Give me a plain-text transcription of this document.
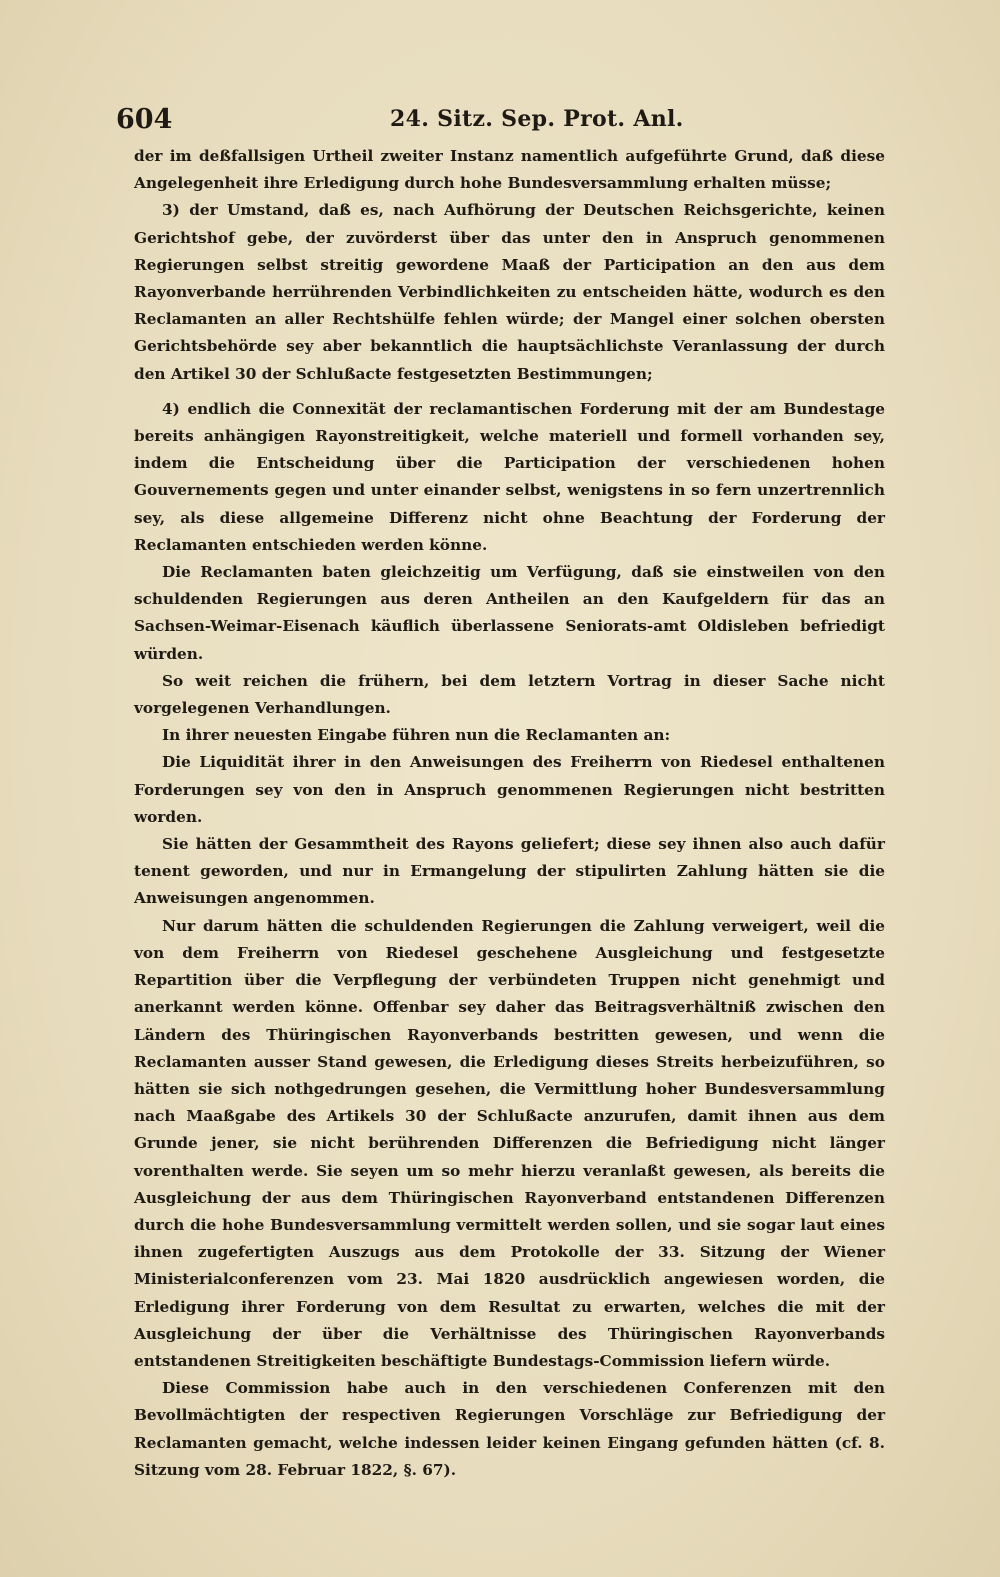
604	24. Sitz. Sep. Prot. Anl.

der im deßfallsigen Urtheil zweiter Instanz namentlich aufgeführte Grund, daß diese Angelegenheit ihre Erledigung durch hohe Bundesversammlung erhalten müsse;

3) der Umstand, daß es, nach Aufhörung der Deutschen Reichsgerichte, keinen Gerichtshof gebe, der zuvörderst über das unter den in Anspruch genommenen Regierungen selbst streitig gewordene Maaß der Participation an den aus dem Rayonverbande herrührenden Verbindlichkeiten zu entscheiden hätte, wodurch es den Reclamanten an aller Rechtshülfe fehlen würde; der Mangel einer solchen obersten Gerichtsbehörde sey aber bekanntlich die hauptsächlichste Veranlassung der durch den Artikel 30 der Schlußacte festgesetzten Bestimmungen;

4) endlich die Connexität der reclamantischen Forderung mit der am Bundestage bereits anhängigen Rayonstreitigkeit, welche materiell und formell vorhanden sey, indem die Entscheidung über die Participation der verschiedenen hohen Gouvernements gegen und unter einander selbst, wenigstens in so fern unzertrennlich sey, als diese allgemeine Differenz nicht ohne Beachtung der Forderung der Reclamanten entschieden werden könne.

Die Reclamanten baten gleichzeitig um Verfügung, daß sie einstweilen von den schuldenden Regierungen aus deren Antheilen an den Kaufgeldern für das an Sachsen-Weimar-Eisenach käuflich überlassene Seniorats-amt Oldisleben befriedigt würden.

So weit reichen die frühern, bei dem letztern Vortrag in dieser Sache nicht vorgelegenen Verhandlungen.

In ihrer neuesten Eingabe führen nun die Reclamanten an:

Die Liquidität ihrer in den Anweisungen des Freiherrn von Riedesel enthaltenen Forderungen sey von den in Anspruch genommenen Regierungen nicht bestritten worden.

Sie hätten der Gesammtheit des Rayons geliefert; diese sey ihnen also auch dafür tenent geworden, und nur in Ermangelung der stipulirten Zahlung hätten sie die Anweisungen angenommen.

Nur darum hätten die schuldenden Regierungen die Zahlung verweigert, weil die von dem Freiherrn von Riedesel geschehene Ausgleichung und festgesetzte Repartition über die Verpflegung der verbündeten Truppen nicht genehmigt und anerkannt werden könne. Offenbar sey daher das Beitragsverhältniß zwischen den Ländern des Thüringischen Rayonverbands bestritten gewesen, und wenn die Reclamanten ausser Stand gewesen, die Erledigung dieses Streits herbeizuführen, so hätten sie sich nothgedrungen gesehen, die Vermittlung hoher Bundesversammlung nach Maaßgabe des Artikels 30 der Schlußacte anzurufen, damit ihnen aus dem Grunde jener, sie nicht berührenden Differenzen die Befriedigung nicht länger vorenthalten werde. Sie seyen um so mehr hierzu veranlaßt gewesen, als bereits die Ausgleichung der aus dem Thüringischen Rayonverband entstandenen Differenzen durch die hohe Bundesversammlung vermittelt werden sollen, und sie sogar laut eines ihnen zugefertigten Auszugs aus dem Protokolle der 33. Sitzung der Wiener Ministerialconferenzen vom 23. Mai 1820 ausdrücklich angewiesen worden, die Erledigung ihrer Forderung von dem Resultat zu erwarten, welches die mit der Ausgleichung der über die Verhältnisse des Thüringischen Rayonverbands entstandenen Streitigkeiten beschäftigte Bundestags-Commission liefern würde.

Diese Commission habe auch in den verschiedenen Conferenzen mit den Bevollmächtigten der respectiven Regierungen Vorschläge zur Befriedigung der Reclamanten gemacht, welche indessen leider keinen Eingang gefunden hätten (cf. 8. Sitzung vom 28. Februar 1822, §. 67).
